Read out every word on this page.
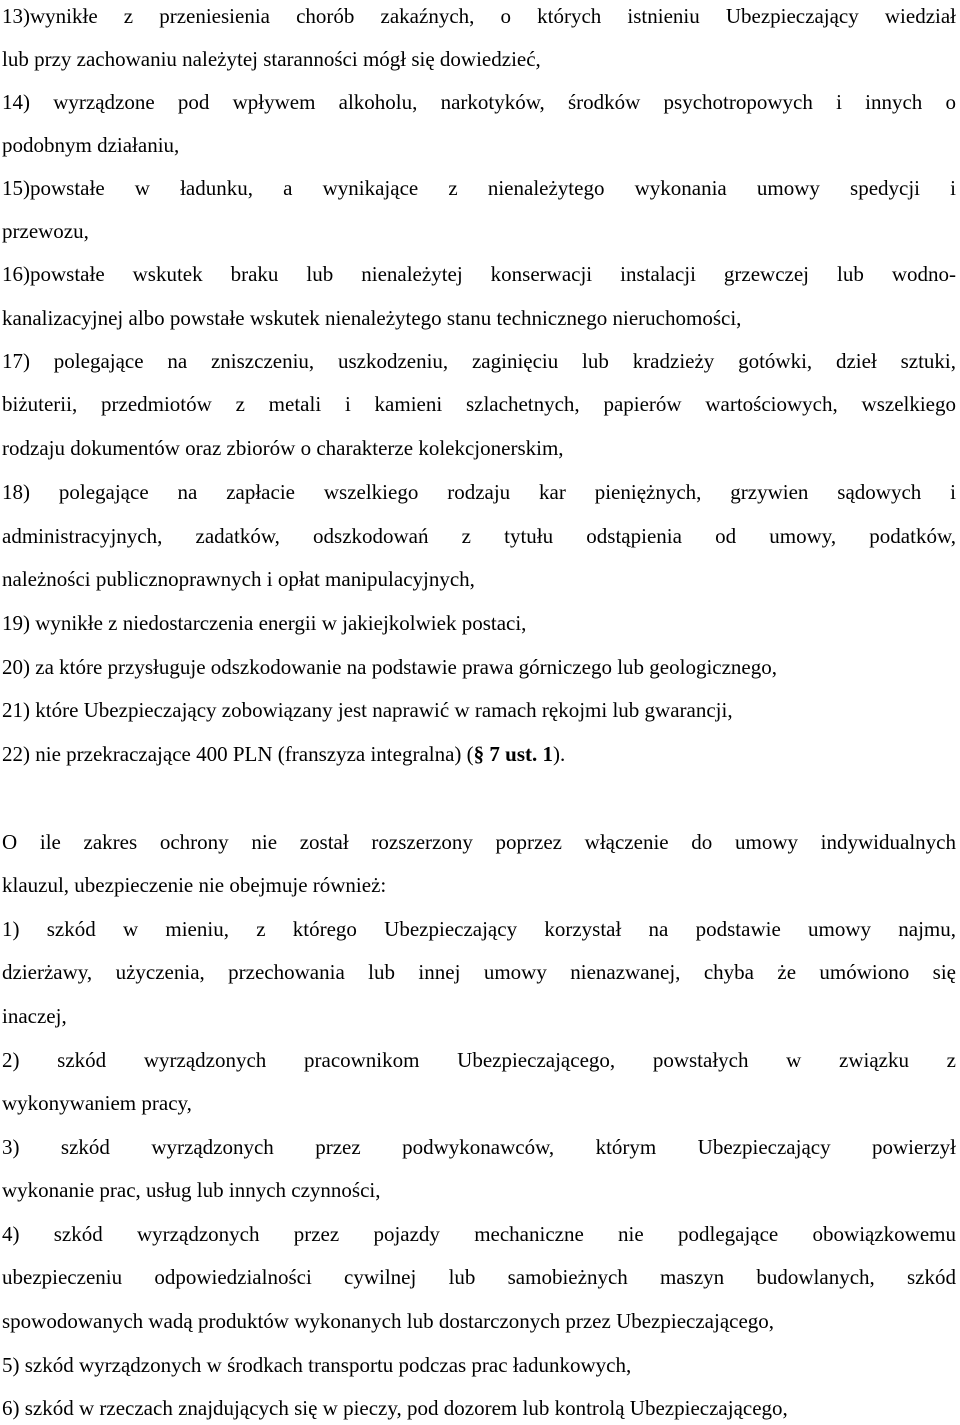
13)wynikłe z przeniesienia chorób zakaźnych, o których istnieniu Ubezpieczający wiedział
lub przy zachowaniu należytej staranności mógł się dowiedzieć,
14) wyrządzone pod wpływem alkoholu, narkotyków, środków psychotropowych i innych o
podobnym działaniu,
15)powstałe w ładunku, a wynikające z nienależytego wykonania umowy spedycji i
przewozu,
16)powstałe wskutek braku lub nienależytej konserwacji instalacji grzewczej lub wodno-
kanalizacyjnej albo powstałe wskutek nienależytego stanu technicznego nieruchomości,
17) polegające na zniszczeniu, uszkodzeniu, zaginięciu lub kradzieży gotówki, dzieł sztuki,
biżuterii, przedmiotów z metali i kamieni szlachetnych, papierów wartościowych, wszelkiego
rodzaju dokumentów oraz zbiorów o charakterze kolekcjonerskim,
18) polegające na zapłacie wszelkiego rodzaju kar pieniężnych, grzywien sądowych i
administracyjnych, zadatków, odszkodowań z tytułu odstąpienia od umowy, podatków,
należności publicznoprawnych i opłat manipulacyjnych,
19) wynikłe z niedostarczenia energii w jakiejkolwiek postaci,
20) za które przysługuje odszkodowanie na podstawie prawa górniczego lub geologicznego,
21) które Ubezpieczający zobowiązany jest naprawić w ramach rękojmi lub gwarancji,
22) nie przekraczające 400 PLN (franszyza integralna) (§ 7 ust. 1).
O ile zakres ochrony nie został rozszerzony poprzez włączenie do umowy indywidualnych
klauzul, ubezpieczenie nie obejmuje również:
1) szkód w mieniu, z którego Ubezpieczający korzystał na podstawie umowy najmu,
dzierżawy, użyczenia, przechowania lub innej umowy nienazwanej, chyba że umówiono się
inaczej,
2) szkód wyrządzonych pracownikom Ubezpieczającego, powstałych w związku z
wykonywaniem pracy,
3) szkód wyrządzonych przez podwykonawców, którym Ubezpieczający powierzył
wykonanie prac, usług lub innych czynności,
4) szkód wyrządzonych przez pojazdy mechaniczne nie podlegające obowiązkowemu
ubezpieczeniu odpowiedzialności cywilnej lub samobieżnych maszyn budowlanych, szkód
spowodowanych wadą produktów wykonanych lub dostarczonych przez Ubezpieczającego,
5) szkód wyrządzonych w środkach transportu podczas prac ładunkowych,
6) szkód w rzeczach znajdujących się w pieczy, pod dozorem lub kontrolą Ubezpieczającego,
